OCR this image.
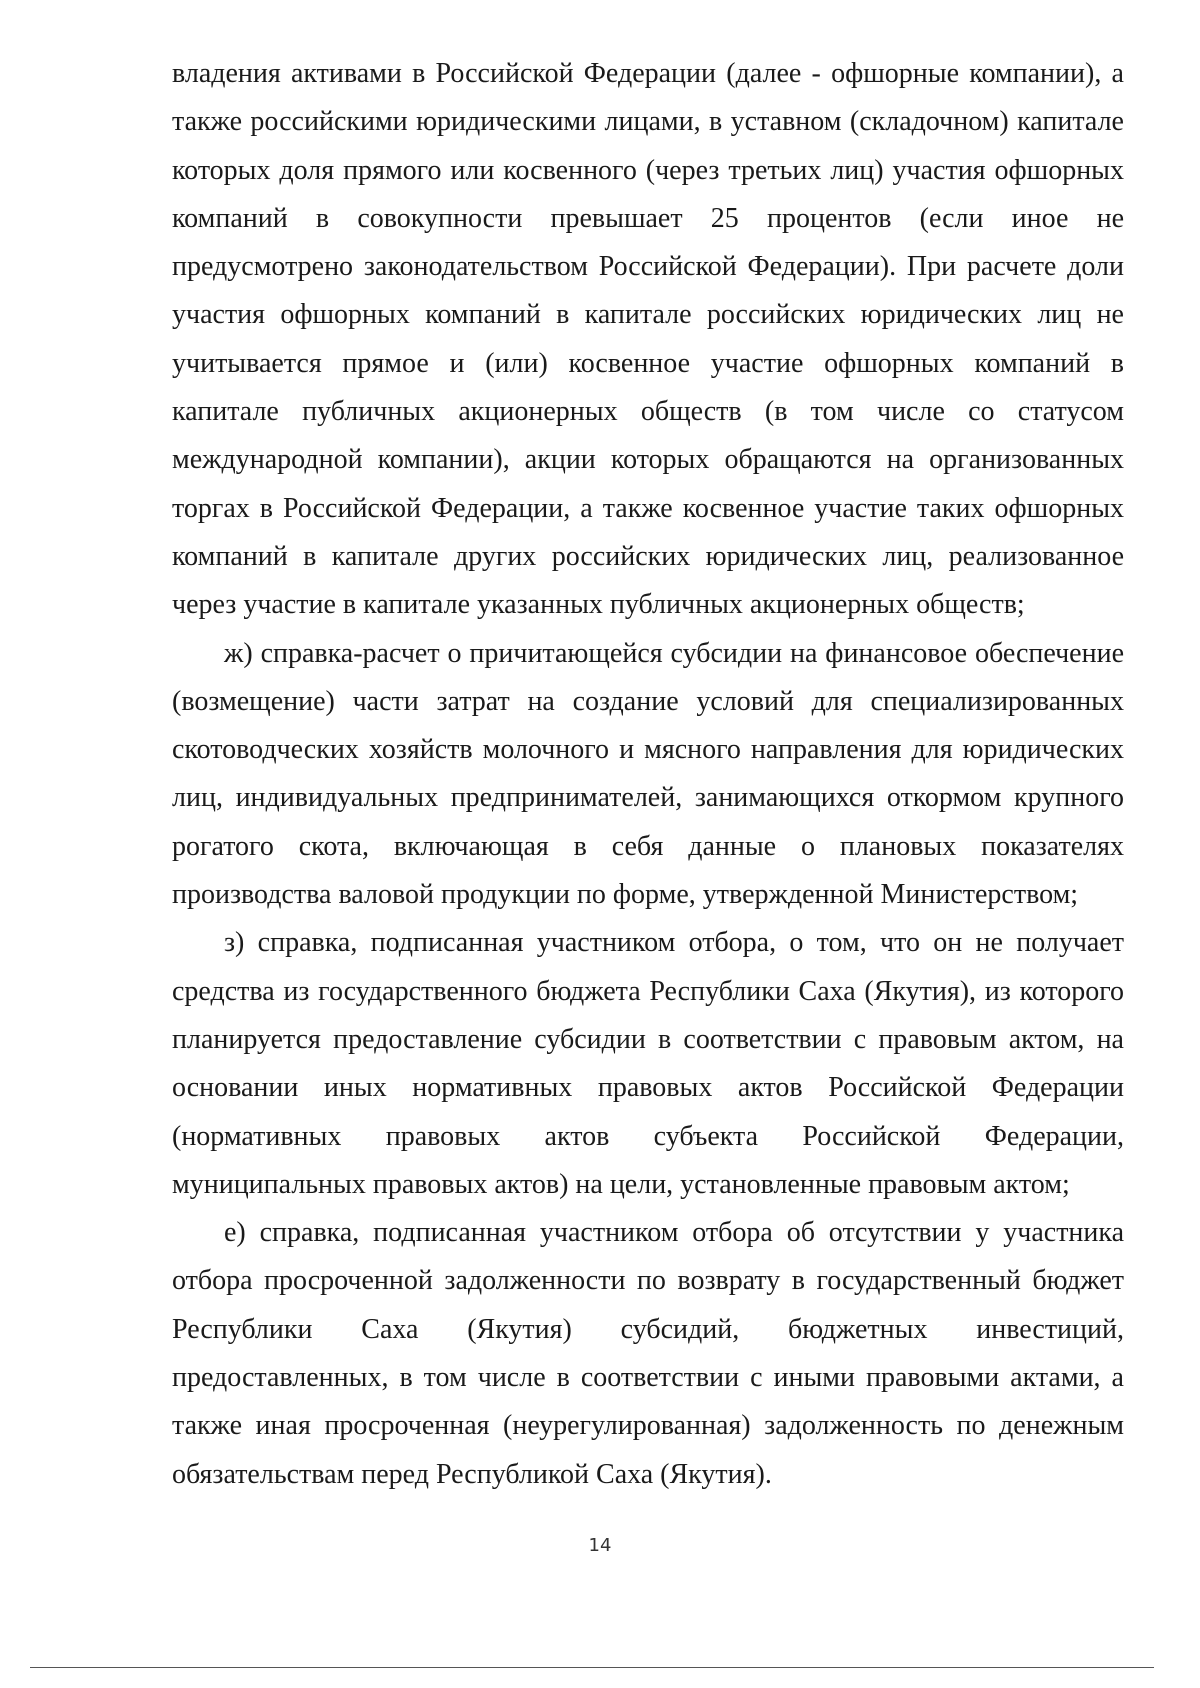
владения активами в Российской Федерации (далее - офшорные компании), а также российскими юридическими лицами, в уставном (складочном) капитале которых доля прямого или косвенного (через третьих лиц) участия офшорных компаний в совокупности превышает 25 процентов (если иное не предусмотрено законодательством Российской Федерации). При расчете доли участия офшорных компаний в капитале российских юридических лиц не учитывается прямое и (или) косвенное участие офшорных компаний в капитале публичных акционерных обществ (в том числе со статусом международной компании), акции которых обращаются на организованных торгах в Российской Федерации, а также косвенное участие таких офшорных компаний в капитале других российских юридических лиц, реализованное через участие в капитале указанных публичных акционерных обществ;

ж) справка-расчет о причитающейся субсидии на финансовое обеспечение (возмещение) части затрат на создание условий для специализированных скотоводческих хозяйств молочного и мясного направления для юридических лиц, индивидуальных предпринимателей, занимающихся откормом крупного рогатого скота, включающая в себя данные о плановых показателях производства валовой продукции по форме, утвержденной Министерством;

з) справка, подписанная участником отбора, о том, что он не получает средства из государственного бюджета Республики Саха (Якутия), из которого планируется предоставление субсидии в соответствии с правовым актом, на основании иных нормативных правовых актов Российской Федерации (нормативных правовых актов субъекта Российской Федерации, муниципальных правовых актов) на цели, установленные правовым актом;

е) справка, подписанная участником отбора об отсутствии у участника отбора просроченной задолженности по возврату в государственный бюджет Республики Саха (Якутия) субсидий, бюджетных инвестиций, предоставленных, в том числе в соответствии с иными правовыми актами, а также иная просроченная (неурегулированная) задолженность по денежным обязательствам перед Республикой Саха (Якутия).

14
